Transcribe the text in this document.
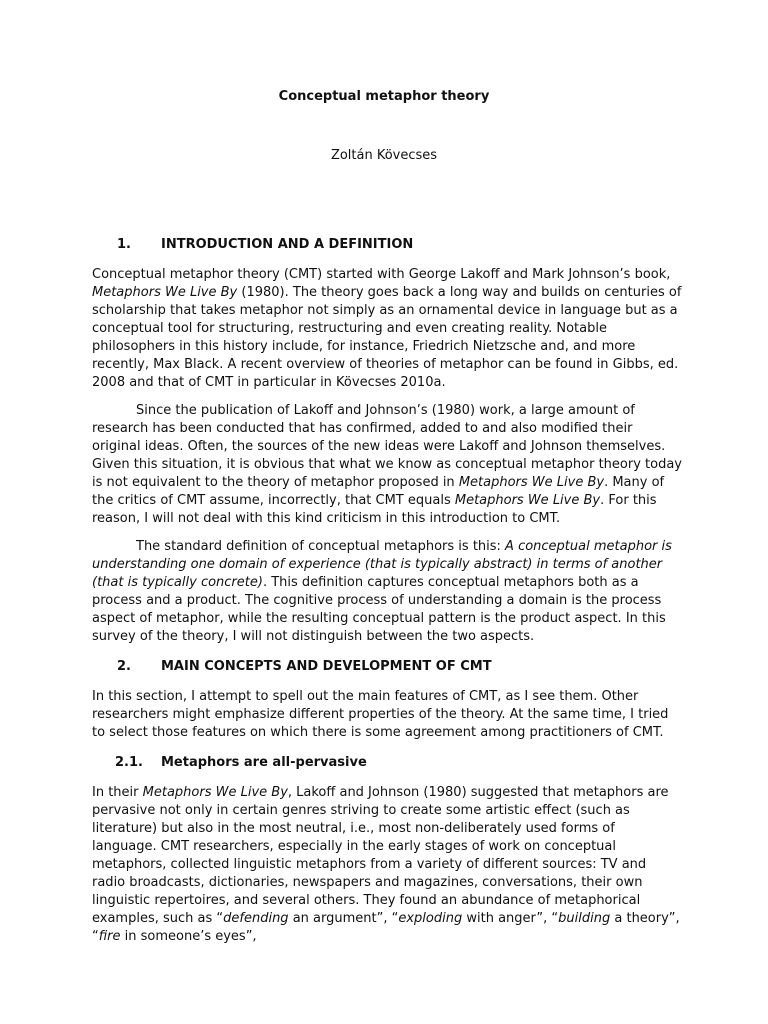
Conceptual metaphor theory
Zoltán Kövecses
1. INTRODUCTION AND A DEFINITION

Conceptual metaphor theory (CMT) started with George Lakoff and Mark Johnson’s book,
Metaphors We Live By (1980). The theory goes back a long way and builds on centuries of scholarship that takes metaphor not simply as an ornamental device in language but as a conceptual tool for structuring, restructuring and even creating reality. Notable philosophers in this history include, for instance, Friedrich Nietzsche and, and more recently, Max Black. A recent overview of theories of metaphor can be found in Gibbs, ed. 2008 and that of CMT in particular in Kövecses 2010a.

Since the publication of Lakoff and Johnson’s (1980) work, a large amount of research has been conducted that has confirmed, added to and also modified their original ideas. Often, the sources of the new ideas were Lakoff and Johnson themselves. Given this situation, it is obvious that what we know as conceptual metaphor theory today is not equivalent to the theory of metaphor proposed in Metaphors We Live By. Many of the critics of CMT assume, incorrectly, that CMT equals Metaphors We Live By. For this reason, I will not deal with this kind criticism in this introduction to CMT.

The standard definition of conceptual metaphors is this: A conceptual metaphor is understanding one domain of experience (that is typically abstract) in terms of another (that is typically concrete). This definition captures conceptual metaphors both as a process and a product. The cognitive process of understanding a domain is the process aspect of metaphor, while the resulting conceptual pattern is the product aspect. In this survey of the theory, I will not distinguish between the two aspects.

2. MAIN CONCEPTS AND DEVELOPMENT OF CMT

In this section, I attempt to spell out the main features of CMT, as I see them. Other researchers might emphasize different properties of the theory. At the same time, I tried to select those features on which there is some agreement among practitioners of CMT.

2.1. Metaphors are all-pervasive

In their Metaphors We Live By, Lakoff and Johnson (1980) suggested that metaphors are pervasive not only in certain genres striving to create some artistic effect (such as literature) but also in the most neutral, i.e., most non-deliberately used forms of language. CMT researchers, especially in the early stages of work on conceptual metaphors, collected linguistic metaphors from a variety of different sources: TV and radio broadcasts, dictionaries, newspapers and magazines, conversations, their own linguistic repertoires, and several others. They found an abundance of metaphorical examples, such as “defending an argument”, “exploding with anger”, “building a theory”, “fire in someone’s eyes”,
